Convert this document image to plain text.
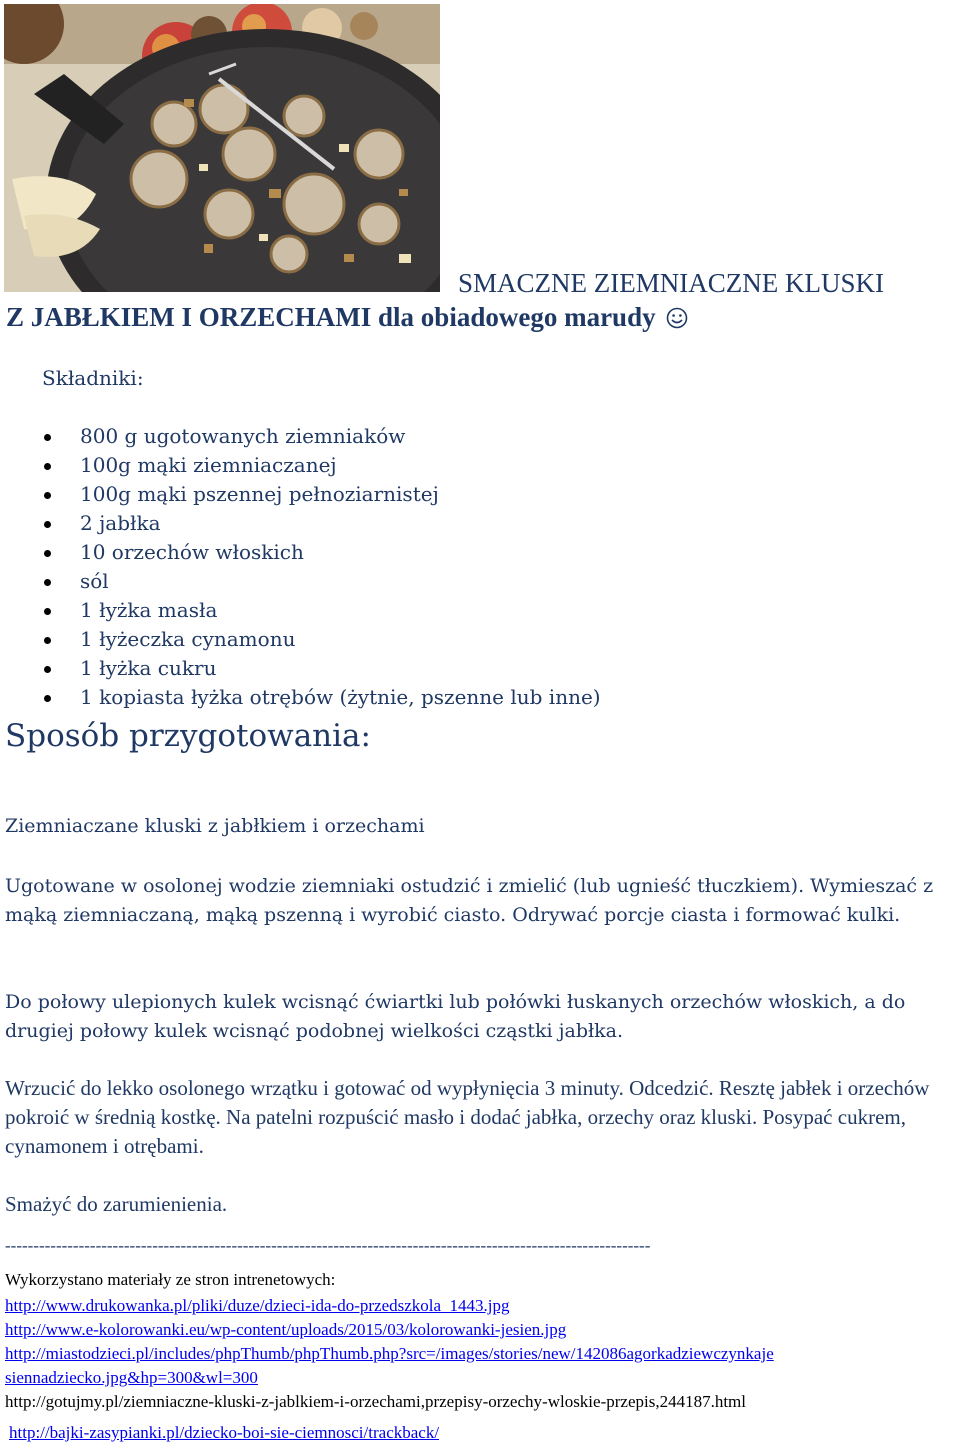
SMACZNE ZIEMNIACZNE KLUSKI
Z JABŁKIEM I ORZECHAMI dla obiadowego marudy
Składniki:
800 g ugotowanych ziemniaków
100g mąki ziemniaczanej
100g mąki pszennej pełnoziarnistej
2 jabłka
10 orzechów włoskich
sól
1 łyżka masła
1 łyżeczka cynamonu
1 łyżka cukru
1 kopiasta łyżka otrębów (żytnie, pszenne lub inne)
Sposób przygotowania:
Ziemniaczane kluski z jabłkiem i orzechami

Ugotowane w osolonej wodzie ziemniaki ostudzić i zmielić (lub ugnieść tłuczkiem). Wymieszać z mąką ziemniaczaną, mąką pszenną i wyrobić ciasto. Odrywać porcje ciasta i formować kulki.

Do połowy ulepionych kulek wcisnąć ćwiartki lub połówki łuskanych orzechów włoskich, a do drugiej połowy kulek wcisnąć podobnej wielkości cząstki jabłka.

Wrzucić do lekko osolonego wrzątku i gotować od wypłynięcia 3 minuty. Odcedzić. Resztę jabłek i orzechów pokroić w średnią kostkę. Na patelni rozpuścić masło i dodać jabłka, orzechy oraz kluski. Posypać cukrem, cynamonem i otrębami.

Smażyć do zarumienienia.

------------------------------------------------------------------------------------------------------------------
Wykorzystano materiały ze stron intrenetowych:
http://www.drukowanka.pl/pliki/duze/dzieci-ida-do-przedszkola_1443.jpg
http://www.e-kolorowanki.eu/wp-content/uploads/2015/03/kolorowanki-jesien.jpg
http://miastodzieci.pl/includes/phpThumb/phpThumb.php?src=/images/stories/new/142086agorkadziewczynkaje
siennadziecko.jpg&hp=300&wl=300
http://gotujmy.pl/ziemniaczne-kluski-z-jablkiem-i-orzechami,przepisy-orzechy-wloskie-przepis,244187.html
http://bajki-zasypianki.pl/dziecko-boi-sie-ciemnosci/trackback/
